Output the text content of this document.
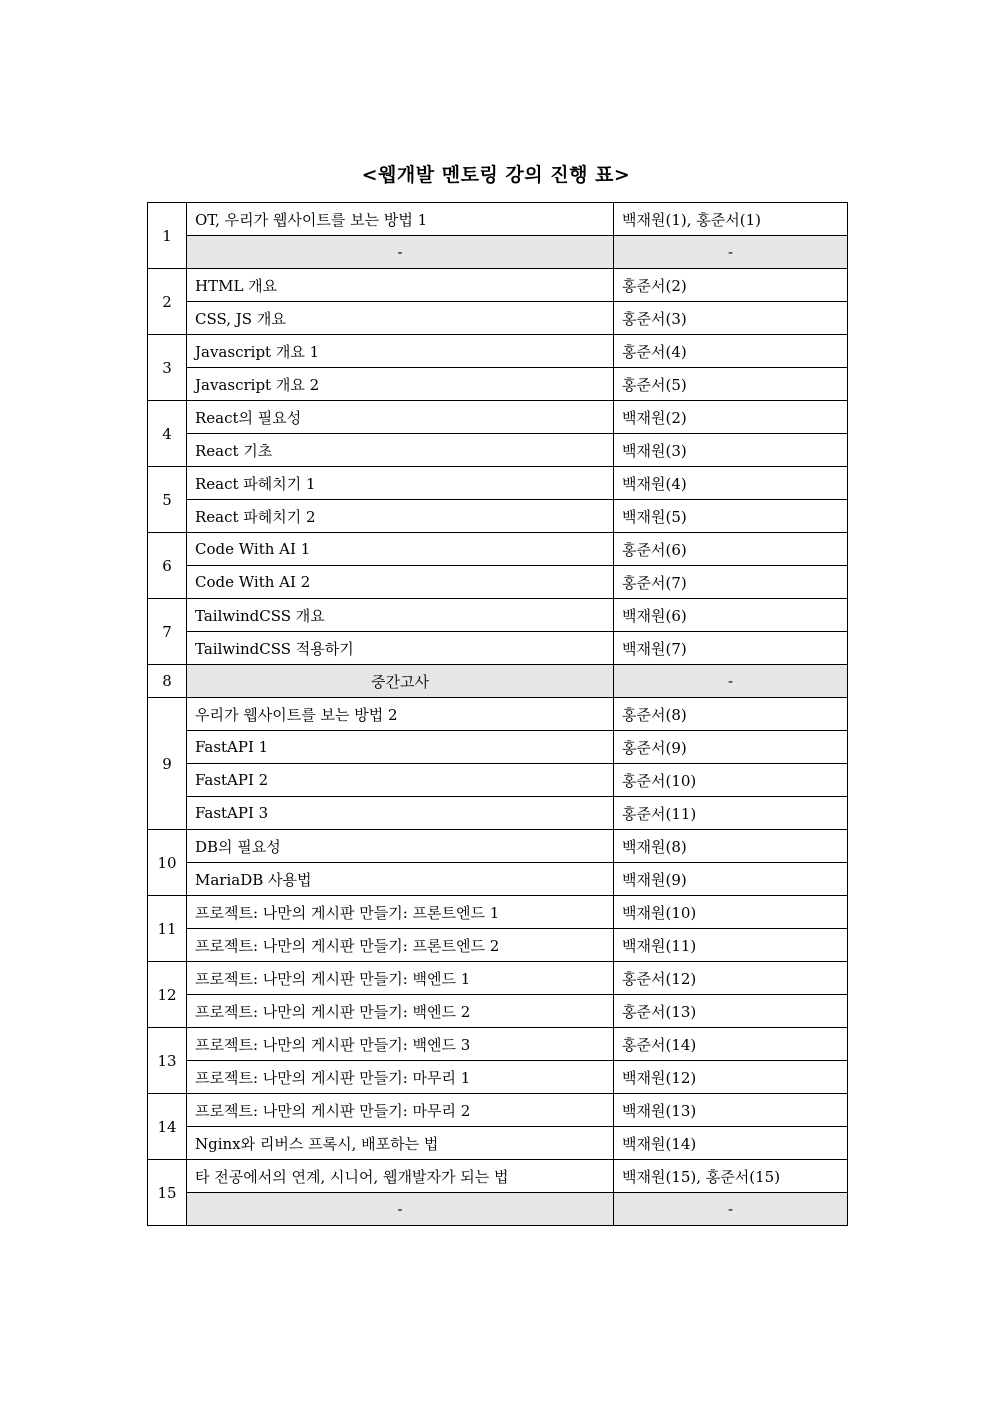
<웹개발 멘토링 강의 진행 표>
1	OT, 우리가 웹사이트를 보는 방법 1	백재원(1), 홍준서(1)
	-	-
2	HTML 개요	홍준서(2)
	CSS, JS 개요	홍준서(3)
3	Javascript 개요 1	홍준서(4)
	Javascript 개요 2	홍준서(5)
4	React의 필요성	백재원(2)
	React 기초	백재원(3)
5	React 파헤치기 1	백재원(4)
	React 파헤치기 2	백재원(5)
6	Code With AI 1	홍준서(6)
	Code With AI 2	홍준서(7)
7	TailwindCSS 개요	백재원(6)
	TailwindCSS 적용하기	백재원(7)
8	중간고사	-
9	우리가 웹사이트를 보는 방법 2	홍준서(8)
	FastAPI 1	홍준서(9)
	FastAPI 2	홍준서(10)
	FastAPI 3	홍준서(11)
10	DB의 필요성	백재원(8)
	MariaDB 사용법	백재원(9)
11	프로젝트: 나만의 게시판 만들기: 프론트엔드 1	백재원(10)
	프로젝트: 나만의 게시판 만들기: 프론트엔드 2	백재원(11)
12	프로젝트: 나만의 게시판 만들기: 백엔드 1	홍준서(12)
	프로젝트: 나만의 게시판 만들기: 백엔드 2	홍준서(13)
13	프로젝트: 나만의 게시판 만들기: 백엔드 3	홍준서(14)
	프로젝트: 나만의 게시판 만들기: 마무리 1	백재원(12)
14	프로젝트: 나만의 게시판 만들기: 마무리 2	백재원(13)
	Nginx와 리버스 프록시, 배포하는 법	백재원(14)
15	타 전공에서의 연계, 시니어, 웹개발자가 되는 법	백재원(15), 홍준서(15)
	-	-
